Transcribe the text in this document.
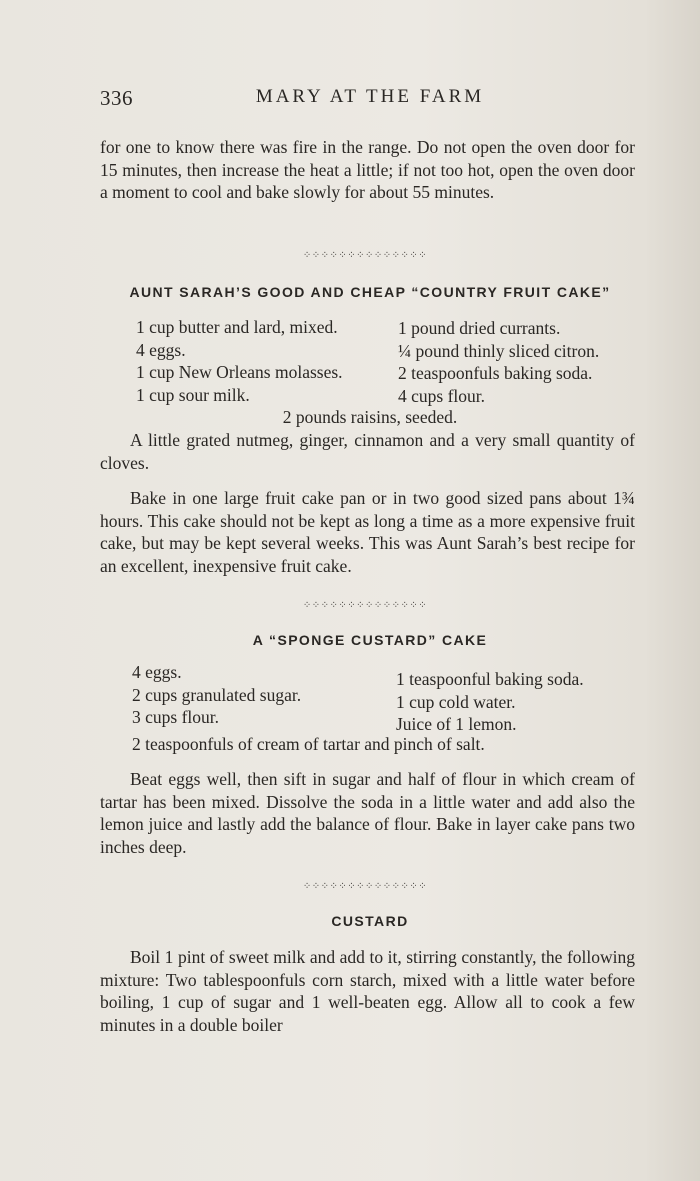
336	MARY AT THE FARM
for one to know there was fire in the range. Do not open the oven door for 15 minutes, then increase the heat a little; if not too hot, open the oven door a moment to cool and bake slowly for about 55 minutes.
⁘⁘⁘⁘⁘⁘⁘⁘⁘⁘⁘⁘⁘⁘
AUNT SARAH’S GOOD AND CHEAP “COUNTRY FRUIT CAKE”
1 cup butter and lard, mixed.
4 eggs.
1 cup New Orleans molasses.
1 cup sour milk.
1 pound dried currants.
¼ pound thinly sliced citron.
2 teaspoonfuls baking soda.
4 cups flour.
2 pounds raisins, seeded.
A little grated nutmeg, ginger, cinnamon and a very small quantity of cloves.
Bake in one large fruit cake pan or in two good sized pans about 1¾ hours. This cake should not be kept as long a time as a more expensive fruit cake, but may be kept several weeks. This was Aunt Sarah’s best recipe for an excellent, inexpensive fruit cake.
⁘⁘⁘⁘⁘⁘⁘⁘⁘⁘⁘⁘⁘⁘
A “SPONGE CUSTARD” CAKE
4 eggs.
2 cups granulated sugar.
3 cups flour.
1 teaspoonful baking soda.
1 cup cold water.
Juice of 1 lemon.
2 teaspoonfuls of cream of tartar and pinch of salt.
Beat eggs well, then sift in sugar and half of flour in which cream of tartar has been mixed. Dissolve the soda in a little water and add also the lemon juice and lastly add the balance of flour. Bake in layer cake pans two inches deep.
⁘⁘⁘⁘⁘⁘⁘⁘⁘⁘⁘⁘⁘⁘
CUSTARD
Boil 1 pint of sweet milk and add to it, stirring constantly, the following mixture: Two tablespoonfuls corn starch, mixed with a little water before boiling, 1 cup of sugar and 1 well-beaten egg. Allow all to cook a few minutes in a double boiler
